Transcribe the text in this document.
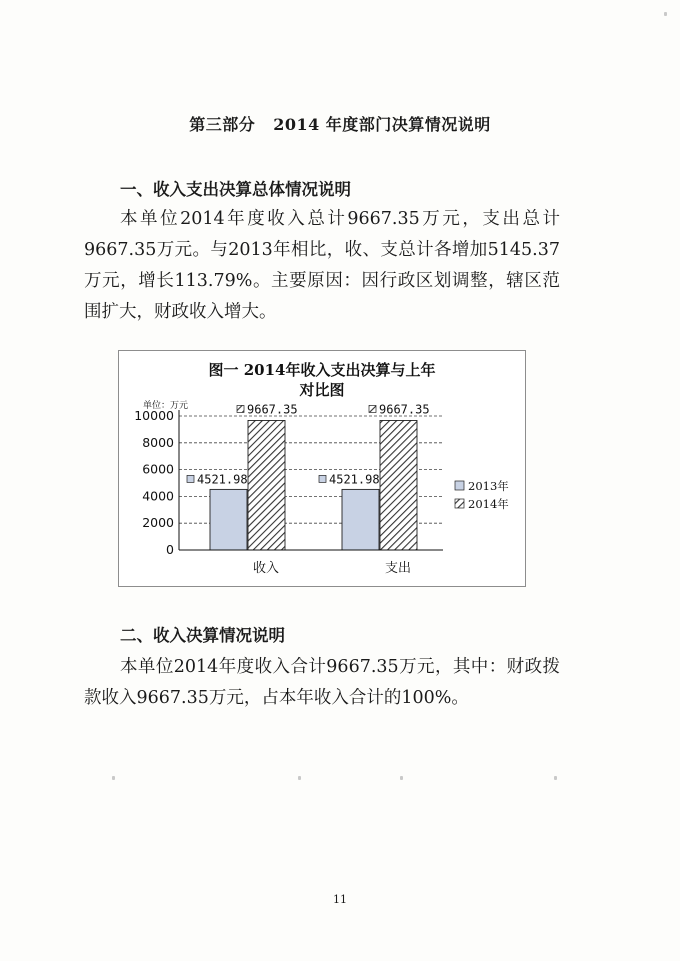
第三部分 2014 年度部门决算情况说明
一、收入支出决算总体情况说明
本单位2014年度收入总计9667.35万元，支出总计9667.35万元。与2013年相比，收、支总计各增加5145.37万元，增长113.79%。主要原因：因行政区划调整，辖区范围扩大，财政收入增大。
图一 2014年收入支出决算与上年
对比图
单位：万元
0
2000
4000
6000
8000
10000
4521.98
9667.35
4521.98
9667.35
收入	支出
2013年
2014年
二、收入决算情况说明
本单位2014年度收入合计9667.35万元，其中：财政拨款收入9667.35万元，占本年收入合计的100%。
11
